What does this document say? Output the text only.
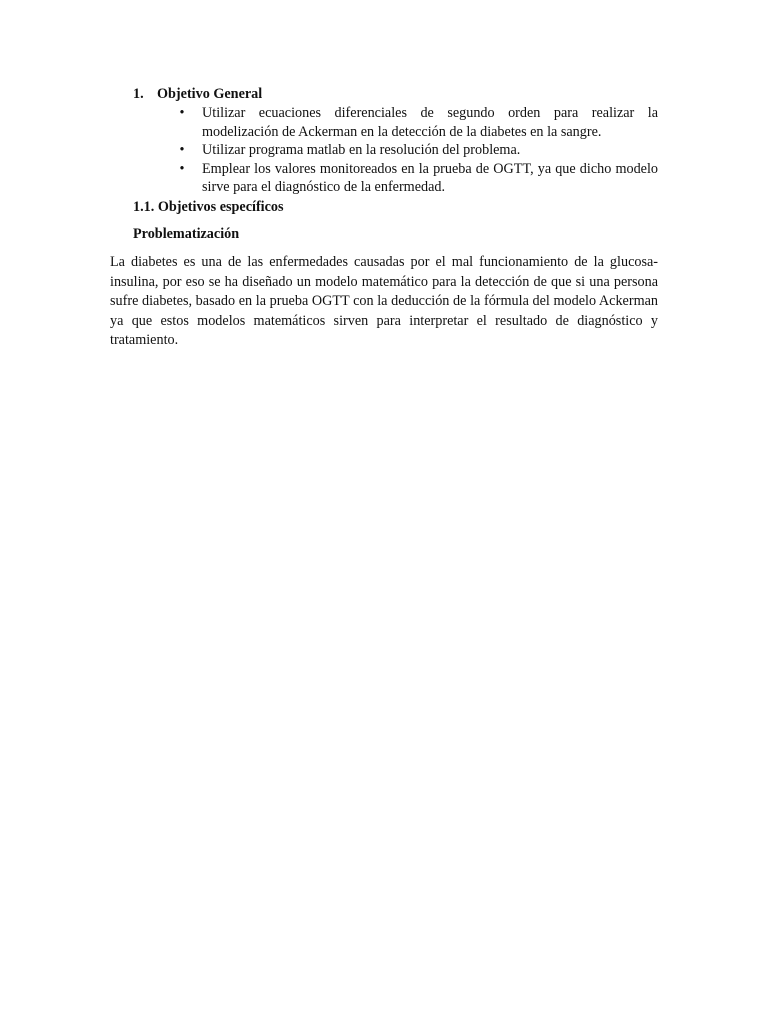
1. Objetivo General
• Utilizar ecuaciones diferenciales de segundo orden para realizar la modelización de Ackerman en la detección de la diabetes en la sangre.
• Utilizar programa matlab en la resolución del problema.
• Emplear los valores monitoreados en la prueba de OGTT, ya que dicho modelo sirve para el diagnóstico de la enfermedad.
1.1. Objetivos específicos
Problematización

La diabetes es una de las enfermedades causadas por el mal funcionamiento de la glucosa-insulina, por eso se ha diseñado un modelo matemático para la detección de que si una persona sufre diabetes, basado en la prueba OGTT con la deducción de la fórmula del modelo Ackerman ya que estos modelos matemáticos sirven para interpretar el resultado de diagnóstico y tratamiento.
